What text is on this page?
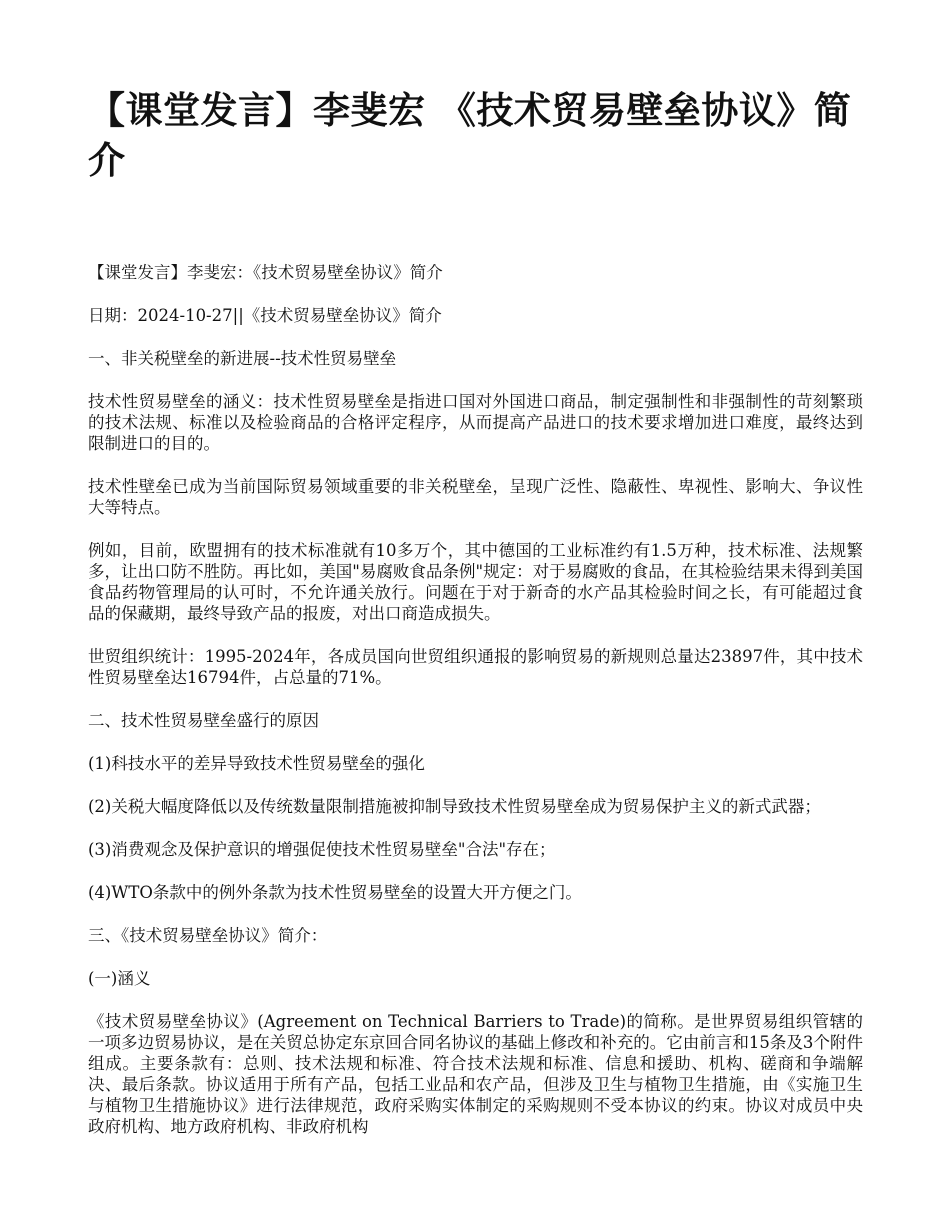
【课堂发言】李斐宏 《技术贸易壁垒协议》简介

【课堂发言】李斐宏：《技术贸易壁垒协议》简介

日期：2024-10-27||《技术贸易壁垒协议》简介

一、非关税壁垒的新进展--技术性贸易壁垒

技术性贸易壁垒的涵义：技术性贸易壁垒是指进口国对外国进口商品，制定强制性和非强制性的苛刻繁琐的技术法规、标准以及检验商品的合格评定程序，从而提高产品进口的技术要求增加进口难度，最终达到限制进口的目的。

技术性壁垒已成为当前国际贸易领域重要的非关税壁垒，呈现广泛性、隐蔽性、卑视性、影响大、争议性大等特点。

例如，目前，欧盟拥有的技术标准就有10多万个，其中德国的工业标准约有1.5万种，技术标准、法规繁多，让出口防不胜防。再比如，美国"易腐败食品条例"规定：对于易腐败的食品，在其检验结果未得到美国食品药物管理局的认可时，不允许通关放行。问题在于对于新奇的水产品其检验时间之长，有可能超过食品的保藏期，最终导致产品的报废，对出口商造成损失。

世贸组织统计：1995-2024年，各成员国向世贸组织通报的影响贸易的新规则总量达23897件，其中技术性贸易壁垒达16794件，占总量的71%。

二、技术性贸易壁垒盛行的原因

(1)科技水平的差异导致技术性贸易壁垒的强化

(2)关税大幅度降低以及传统数量限制措施被抑制导致技术性贸易壁垒成为贸易保护主义的新式武器；

(3)消费观念及保护意识的增强促使技术性贸易壁垒"合法"存在；

(4)WTO条款中的例外条款为技术性贸易壁垒的设置大开方便之门。

三、《技术贸易壁垒协议》简介：

(一)涵义

《技术贸易壁垒协议》(Agreement on Technical Barriers to Trade)的简称。是世界贸易组织管辖的一项多边贸易协议，是在关贸总协定东京回合同名协议的基础上修改和补充的。它由前言和15条及3个附件组成。主要条款有：总则、技术法规和标准、符合技术法规和标准、信息和援助、机构、磋商和争端解决、最后条款。协议适用于所有产品，包括工业品和农产品，但涉及卫生与植物卫生措施，由《实施卫生与植物卫生措施协议》进行法律规范，政府采购实体制定的采购规则不受本协议的约束。协议对成员中央政府机构、地方政府机构、非政府机构
